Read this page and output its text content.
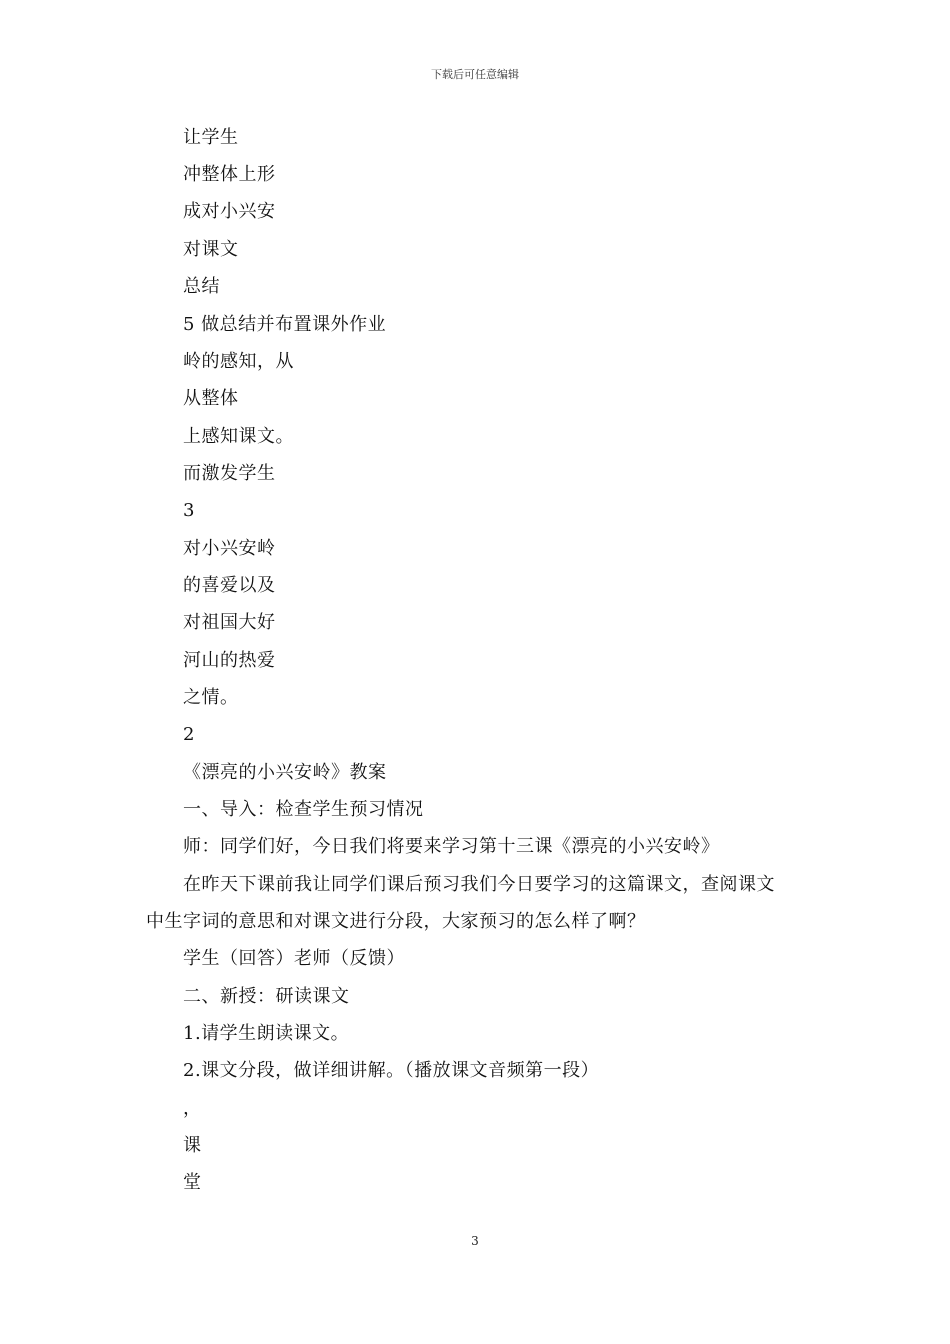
下载后可任意编辑
让学生
冲整体上形
成对小兴安
对课文
总结
5 做总结并布置课外作业
岭的感知，从
从整体
上感知课文。
而激发学生
3
对小兴安岭
的喜爱以及
对祖国大好
河山的热爱
之情。
2
《漂亮的小兴安岭》教案
一、导入：检查学生预习情况
师：同学们好，今日我们将要来学习第十三课《漂亮的小兴安岭》
在昨天下课前我让同学们课后预习我们今日要学习的这篇课文，查阅课文
中生字词的意思和对课文进行分段，大家预习的怎么样了啊？
学生（回答）老师（反馈）
二、新授：研读课文
1.请学生朗读课文。
2.课文分段，做详细讲解。（播放课文音频第一段）
，
课
堂
3
